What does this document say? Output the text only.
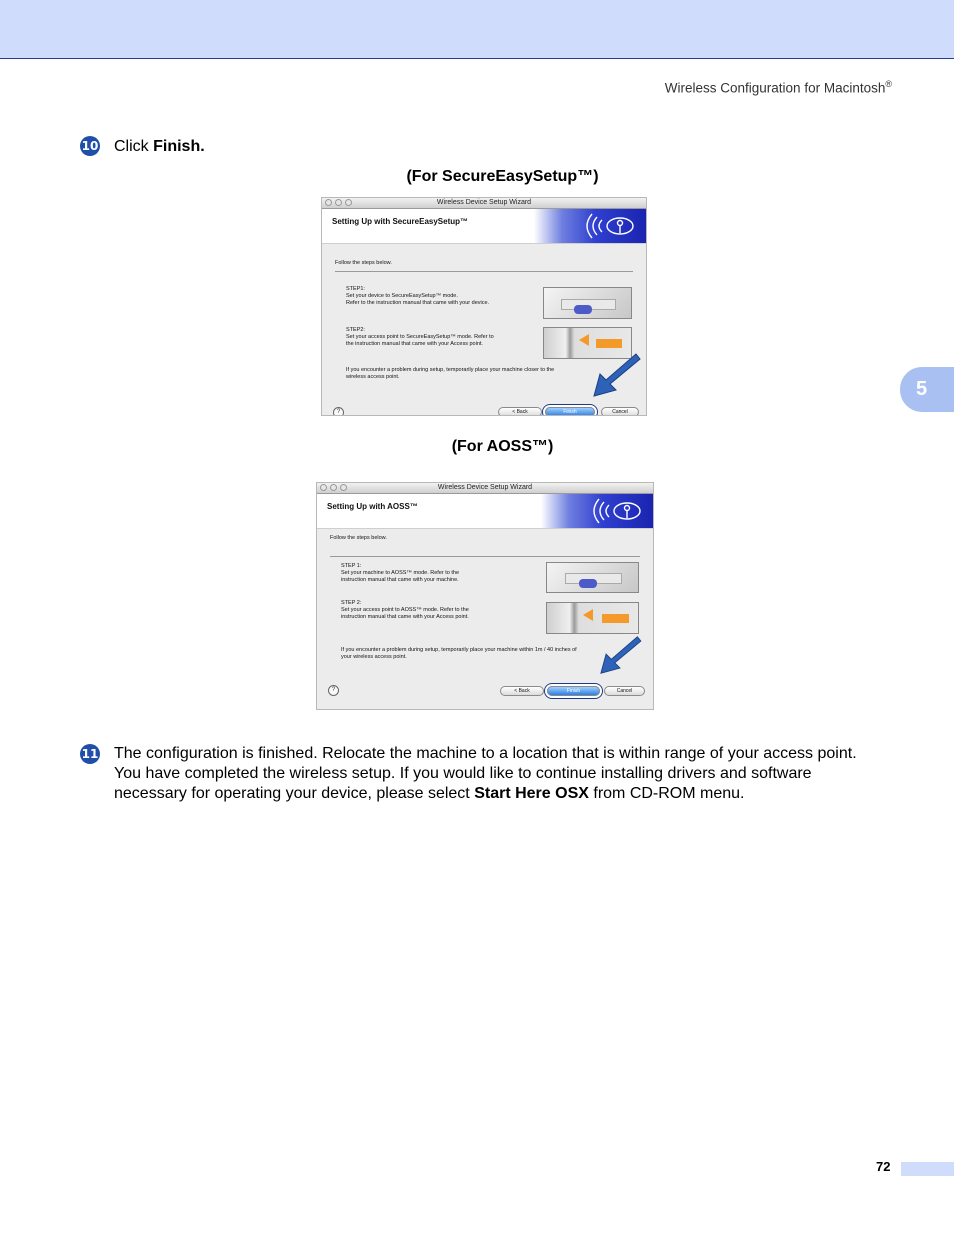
Wireless Configuration for Macintosh®
5
10 Click Finish.
(For SecureEasySetup™)
Wireless Device Setup Wizard
Setting Up with SecureEasySetup™
Follow the steps below.
STEP1:
Set your device to SecureEasySetup™ mode.
Refer to the instruction manual that came with your device.
STEP2:
Set your access point to SecureEasySetup™ mode. Refer to
the instruction manual that came with your Access point.
If you encounter a problem during setup, temporarily place your machine closer to the
wireless access point.
?	< Back	Finish	Cancel
(For AOSS™)
Wireless Device Setup Wizard
Setting Up with AOSS™
Follow the steps below.
STEP 1:
Set your machine to AOSS™ mode. Refer to the
instruction manual that came with your machine.
STEP 2:
Set your access point to AOSS™ mode. Refer to the
instruction manual that came with your Access point.
If you encounter a problem during setup, temporarily place your machine within 1m / 40 inches of
your wireless access point.
?	< Back	Finish	Cancel
11 The configuration is finished. Relocate the machine to a location that is within range of your access point.
You have completed the wireless setup. If you would like to continue installing drivers and software
necessary for operating your device, please select Start Here OSX from CD-ROM menu.
72
